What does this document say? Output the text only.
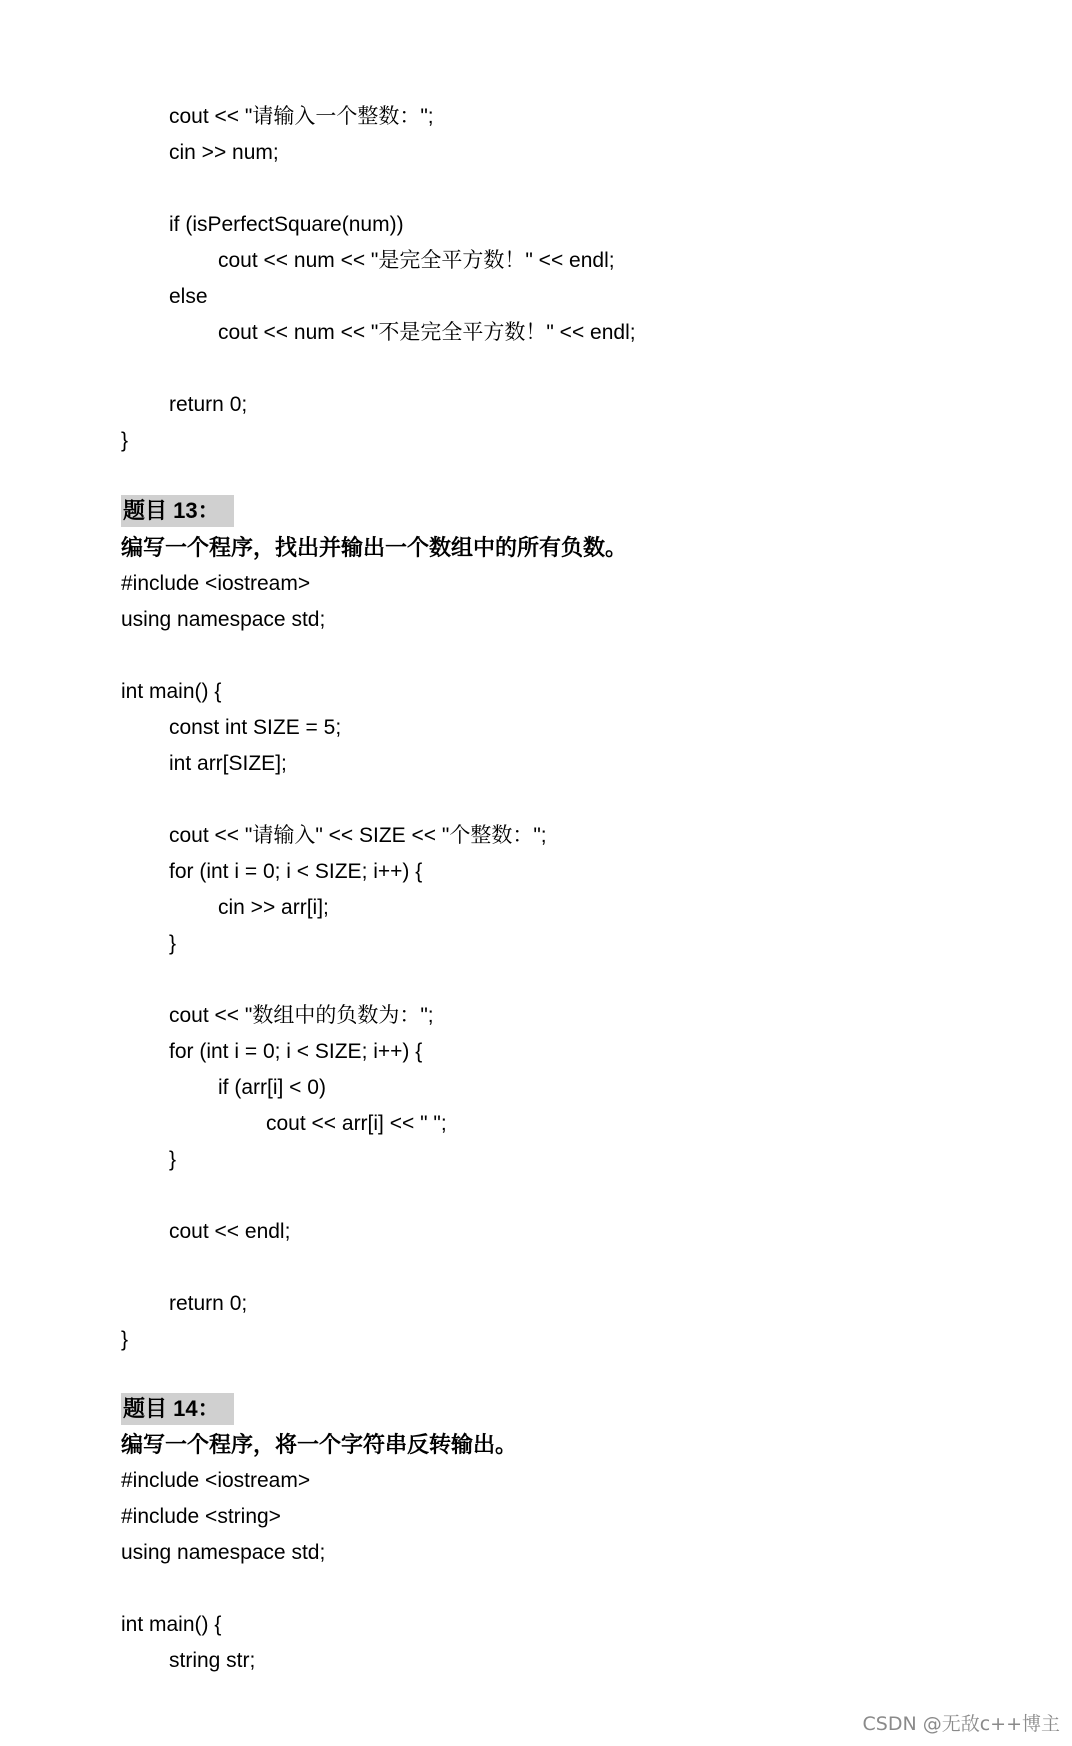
cout << "请输入一个整数：";
cin >> num;
if (isPerfectSquare(num))
cout << num << "是完全平方数！" << endl;
else
cout << num << "不是完全平方数！" << endl;
return 0;
}
题目 13：
编写一个程序，找出并输出一个数组中的所有负数。
#include <iostream>
using namespace std;
int main() {
const int SIZE = 5;
int arr[SIZE];
cout << "请输入" << SIZE << "个整数：";
for (int i = 0; i < SIZE; i++) {
cin >> arr[i];
}
cout << "数组中的负数为：";
for (int i = 0; i < SIZE; i++) {
if (arr[i] < 0)
cout << arr[i] << " ";
}
cout << endl;
return 0;
}
题目 14：
编写一个程序，将一个字符串反转输出。
#include <iostream>
#include <string>
using namespace std;
int main() {
string str;
CSDN @无敌c++博主
